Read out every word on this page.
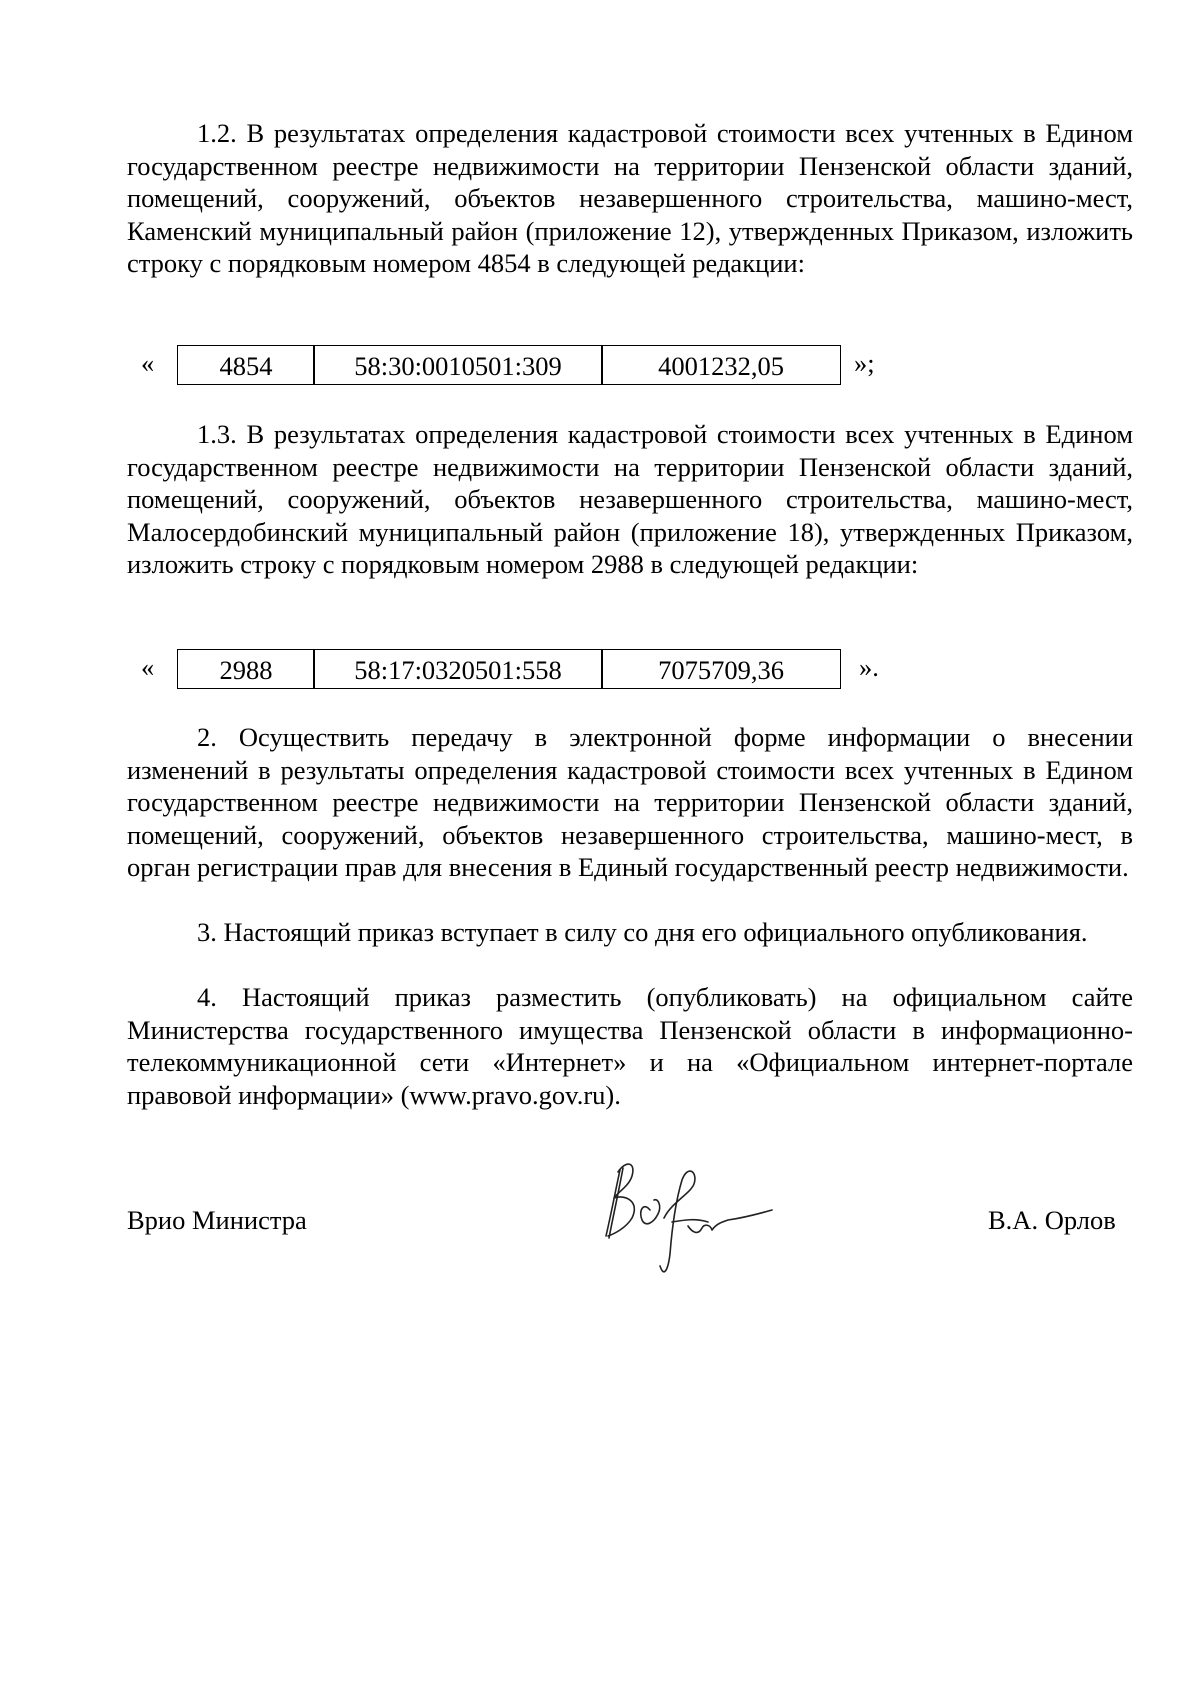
1.2. В результатах определения кадастровой стоимости всех учтенных в Едином государственном реестре недвижимости на территории Пензенской области зданий, помещений, сооружений, объектов незавершенного строительства, машино-мест, Каменский муниципальный район (приложение 12), утвержденных Приказом, изложить строку с порядковым номером 4854 в следующей редакции:

«	4854	58:30:0010501:309	4001232,05	»;

1.3. В результатах определения кадастровой стоимости всех учтенных в Едином государственном реестре недвижимости на территории Пензенской области зданий, помещений, сооружений, объектов незавершенного строительства, машино-мест, Малосердобинский муниципальный район (приложение 18), утвержденных Приказом, изложить строку с порядковым номером 2988 в следующей редакции:

«	2988	58:17:0320501:558	7075709,36	».

2. Осуществить передачу в электронной форме информации о внесении изменений в результаты определения кадастровой стоимости всех учтенных в Едином государственном реестре недвижимости на территории Пензенской области зданий, помещений, сооружений, объектов незавершенного строительства, машино-мест, в орган регистрации прав для внесения в Единый государственный реестр недвижимости.

3. Настоящий приказ вступает в силу со дня его официального опубликования.

4. Настоящий приказ разместить (опубликовать) на официальном сайте Министерства государственного имущества Пензенской области в информационно-телекоммуникационной сети «Интернет» и на «Официальном интернет-портале правовой информации» (www.pravo.gov.ru).

Врио Министра	В.А. Орлов
